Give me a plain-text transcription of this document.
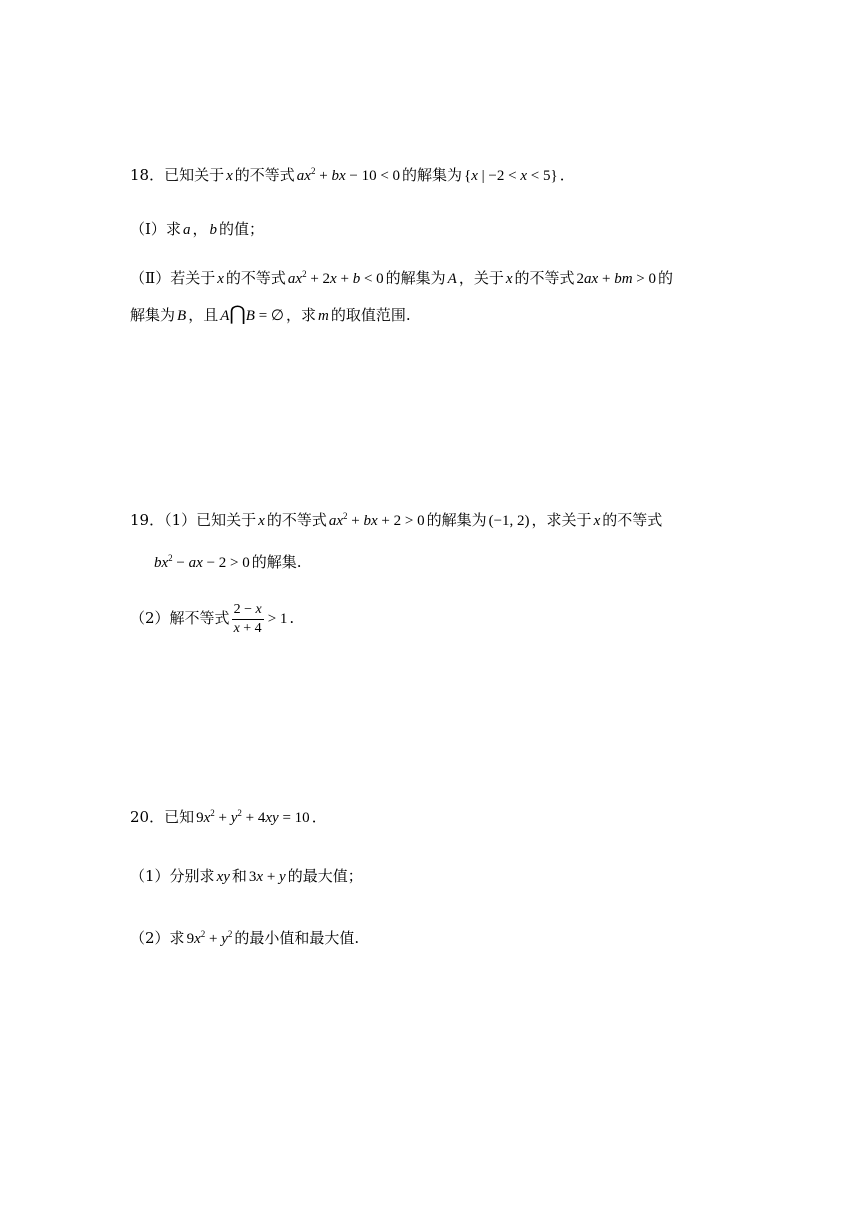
18．已知关于 x 的不等式 $ax^2$ + bx − 10 < 0 的解集为 {x | −2 < x < 5} ．
（Ⅰ）求 a ， b 的值；
（Ⅱ）若关于 x 的不等式 $ax^2 + 2x + b < 0$ 的解集为 A ，关于 x 的不等式 2ax + bm > 0 的
解集为 B ，且 A⋂B = ∅ ，求 m 的取值范围.
19．（1）已知关于 x 的不等式 $ax^2$ + bx + 2 > 0 的解集为 (−1, 2) ，求关于 x 的不等式
$bx^2$ − ax − 2 > 0 的解集.
（2）解不等式 $\frac{2 - x}{x + 4} > 1$ .
20．已知 $9x^2 + y^2 + 4xy = 10$ ．
（1）分别求 xy 和 3x + y 的最大值；
（2）求 $9x^2 + y^2$ 的最小值和最大值.
